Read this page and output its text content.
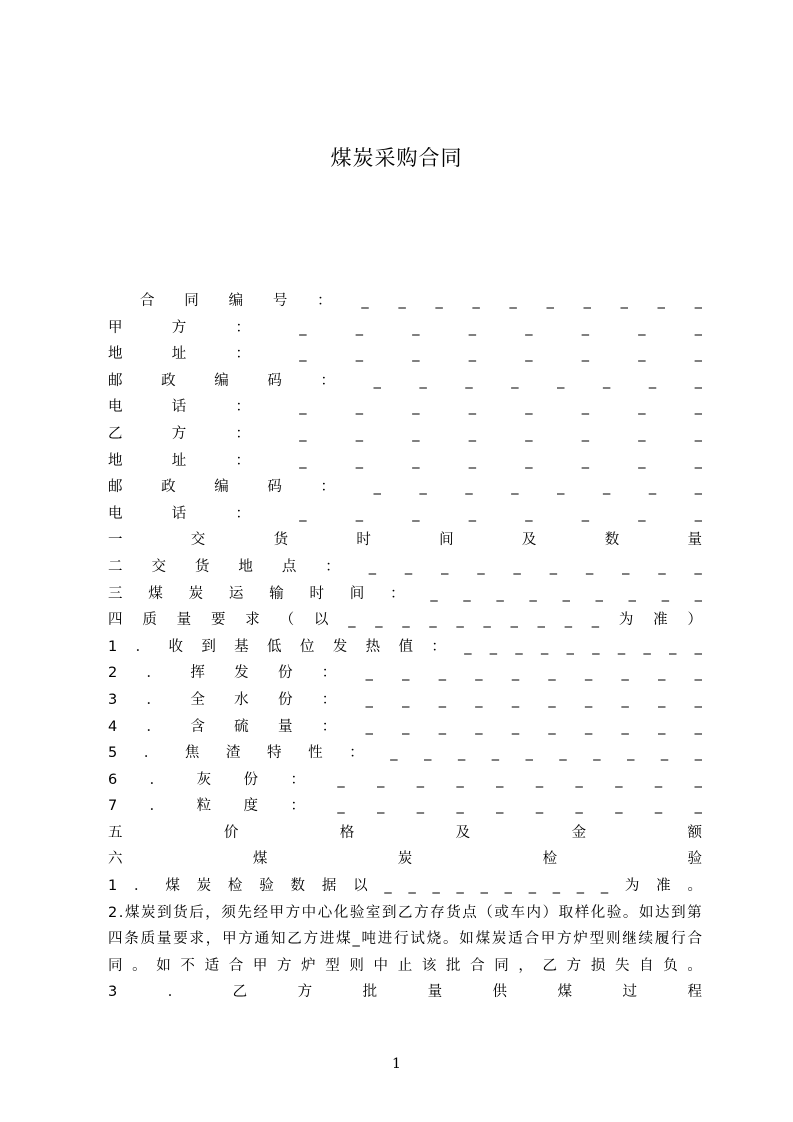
煤炭采购合同
合 同 编 号 ： _ _ _ _ _ _ _ _ _ _
甲	方	：	_	_	_	_	_	_	_	_
地	址	：	_	_	_	_	_	_	_	_
邮	政	编	码	：	_	_	_	_	_	_	_	_
电	话	：	_	_	_	_	_	_	_	_
乙	方	：	_	_	_	_	_	_	_	_
地	址	：	_	_	_	_	_	_	_	_
邮	政	编	码	：	_	_	_	_	_	_	_	_
电	话	：	_	_	_	_	_	_	_	_
一	交	货	时	间	及	数	量
二 交 货 地 点 ： _ _ _ _ _ _ _ _ _ _
三 煤 炭 运 输 时 间 ： _ _ _ _ _ _ _ _ _
四 质 量 要 求 （ 以 _ _ _ _ _ _ _ _ _ _ 为 准 ）
1 ． 收 到 基 低 位 发 热 值 ： _ _ _ _ _ _ _ _ _ _
2 ． 挥 发 份 ： _ _ _ _ _ _ _ _ _ _
3 ． 全 水 份 ： _ _ _ _ _ _ _ _ _ _
4 ． 含 硫 量 ： _ _ _ _ _ _ _ _ _ _
5 ． 焦 渣 特 性 ： _ _ _ _ _ _ _ _ _ _
6 ． 灰 份 ： _ _ _ _ _ _ _ _ _ _
7 ． 粒 度 ： _ _ _ _ _ _ _ _ _ _
五	价	格	及	金	额
六	煤	炭	检	验
1 ． 煤 炭 检 验 数 据 以 _ _ _ _ _ _ _ _ _ _ 为 准 。
2 . 煤 炭 到 货 后 ， 须 先 经 甲 方 中 心 化 验 室 到 乙 方 存 货 点 （ 或 车 内 ） 取 样 化 验 。 如 达 到 第
四 条 质 量 要 求 ， 甲 方 通 知 乙 方 进 煤 _ 吨 进 行 试 烧 。 如 煤 炭 适 合 甲 方 炉 型 则 继 续 履 行 合
同 。 如 不 适 合 甲 方 炉 型 则 中 止 该 批 合 同 ， 乙 方 损 失 自 负 。
3	．	乙	方	批	量	供	煤	过	程
1
